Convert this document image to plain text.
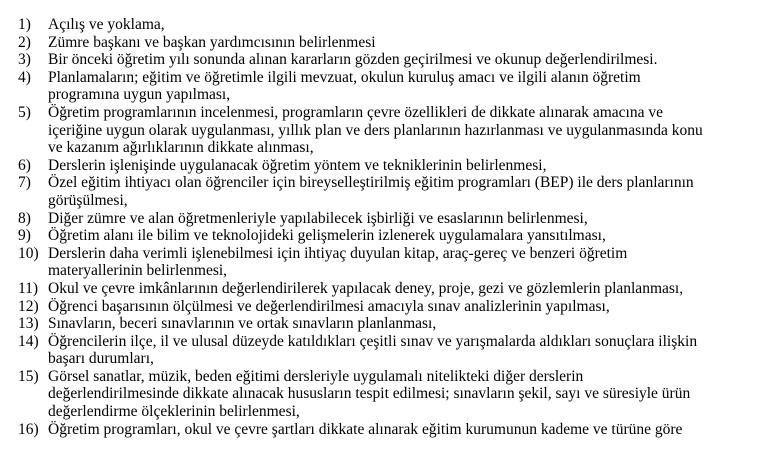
1) Açılış ve yoklama,
2) Zümre başkanı ve başkan yardımcısının belirlenmesi
3) Bir önceki öğretim yılı sonunda alınan kararların gözden geçirilmesi ve okunup değerlendirilmesi.
4) Planlamaların; eğitim ve öğretimle ilgili mevzuat, okulun kuruluş amacı ve ilgili alanın öğretim programına uygun yapılması,
5) Öğretim programlarının incelenmesi, programların çevre özellikleri de dikkate alınarak amacına ve içeriğine uygun olarak uygulanması, yıllık plan ve ders planlarının hazırlanması ve uygulanmasında konu ve kazanım ağırlıklarının dikkate alınması,
6) Derslerin işlenişinde uygulanacak öğretim yöntem ve tekniklerinin belirlenmesi,
7) Özel eğitim ihtiyacı olan öğrenciler için bireyselleştirilmiş eğitim programları (BEP) ile ders planlarının görüşülmesi,
8) Diğer zümre ve alan öğretmenleriyle yapılabilecek işbirliği ve esaslarının belirlenmesi,
9) Öğretim alanı ile bilim ve teknolojideki gelişmelerin izlenerek uygulamalara yansıtılması,
10) Derslerin daha verimli işlenebilmesi için ihtiyaç duyulan kitap, araç-gereç ve benzeri öğretim materyallerinin belirlenmesi,
11) Okul ve çevre imkânlarının değerlendirilerek yapılacak deney, proje, gezi ve gözlemlerin planlanması,
12) Öğrenci başarısının ölçülmesi ve değerlendirilmesi amacıyla sınav analizlerinin yapılması,
13) Sınavların, beceri sınavlarının ve ortak sınavların planlanması,
14) Öğrencilerin ilçe, il ve ulusal düzeyde katıldıkları çeşitli sınav ve yarışmalarda aldıkları sonuçlara ilişkin başarı durumları,
15) Görsel sanatlar, müzik, beden eğitimi dersleriyle uygulamalı nitelikteki diğer derslerin değerlendirilmesinde dikkate alınacak hususların tespit edilmesi; sınavların şekil, sayı ve süresiyle ürün değerlendirme ölçeklerinin belirlenmesi,
16) Öğretim programları, okul ve çevre şartları dikkate alınarak eğitim kurumunun kademe ve türüne göre
